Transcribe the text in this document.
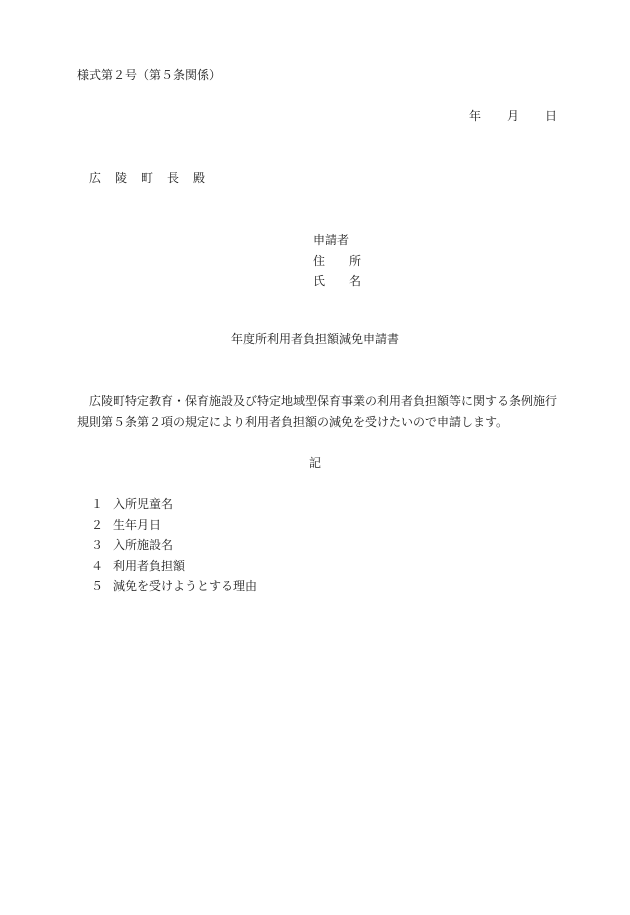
様式第２号（第５条関係）
年 月 日
広　陵　町　長　殿
申請者
住　　所
氏　　名
年度所利用者負担額減免申請書
広陵町特定教育・保育施設及び特定地域型保育事業の利用者負担額等に関する条例施行規則第５条第２項の規定により利用者負担額の減免を受けたいので申請します。
記
１ 入所児童名
２ 生年月日
３ 入所施設名
４ 利用者負担額
５ 減免を受けようとする理由
